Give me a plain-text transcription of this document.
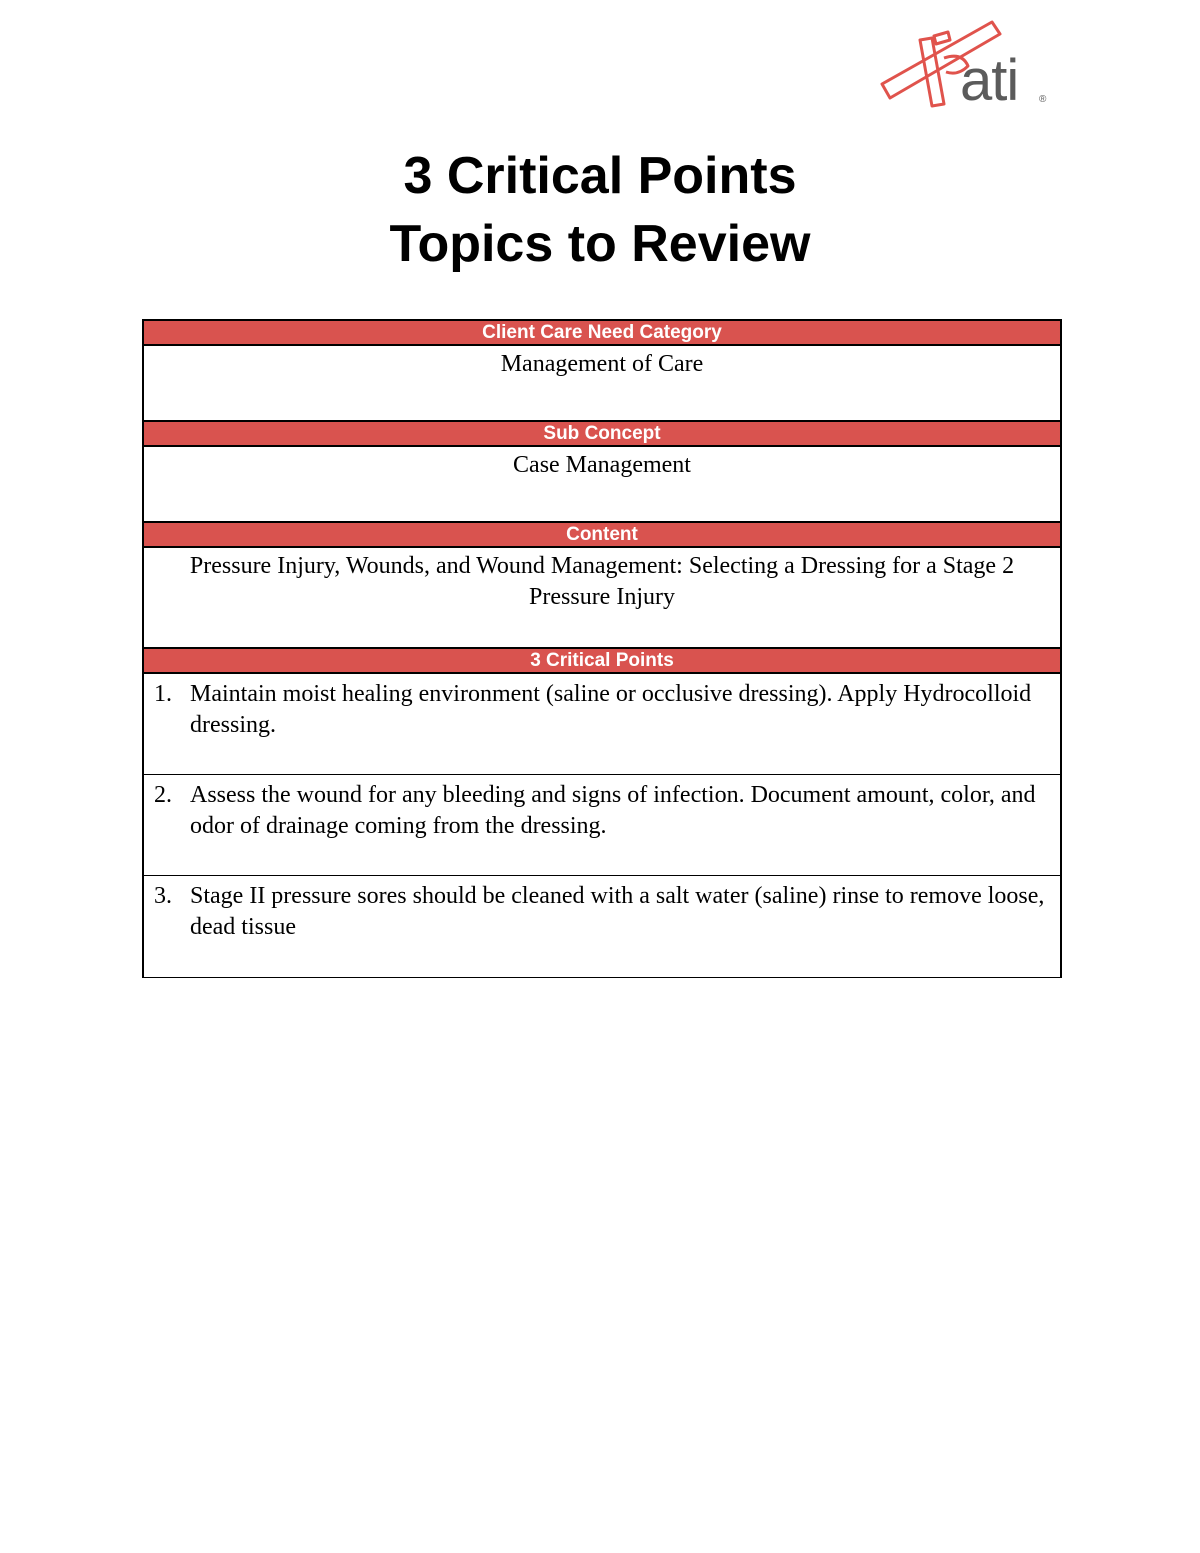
ati ®
3 Critical Points
Topics to Review
Client Care Need Category
Management of Care
Sub Concept
Case Management
Content
Pressure Injury, Wounds, and Wound Management: Selecting a Dressing for a Stage 2 Pressure Injury
3 Critical Points
1. Maintain moist healing environment (saline or occlusive dressing). Apply Hydrocolloid dressing.
2. Assess the wound for any bleeding and signs of infection. Document amount, color, and odor of drainage coming from the dressing.
3. Stage II pressure sores should be cleaned with a salt water (saline) rinse to remove loose, dead tissue
